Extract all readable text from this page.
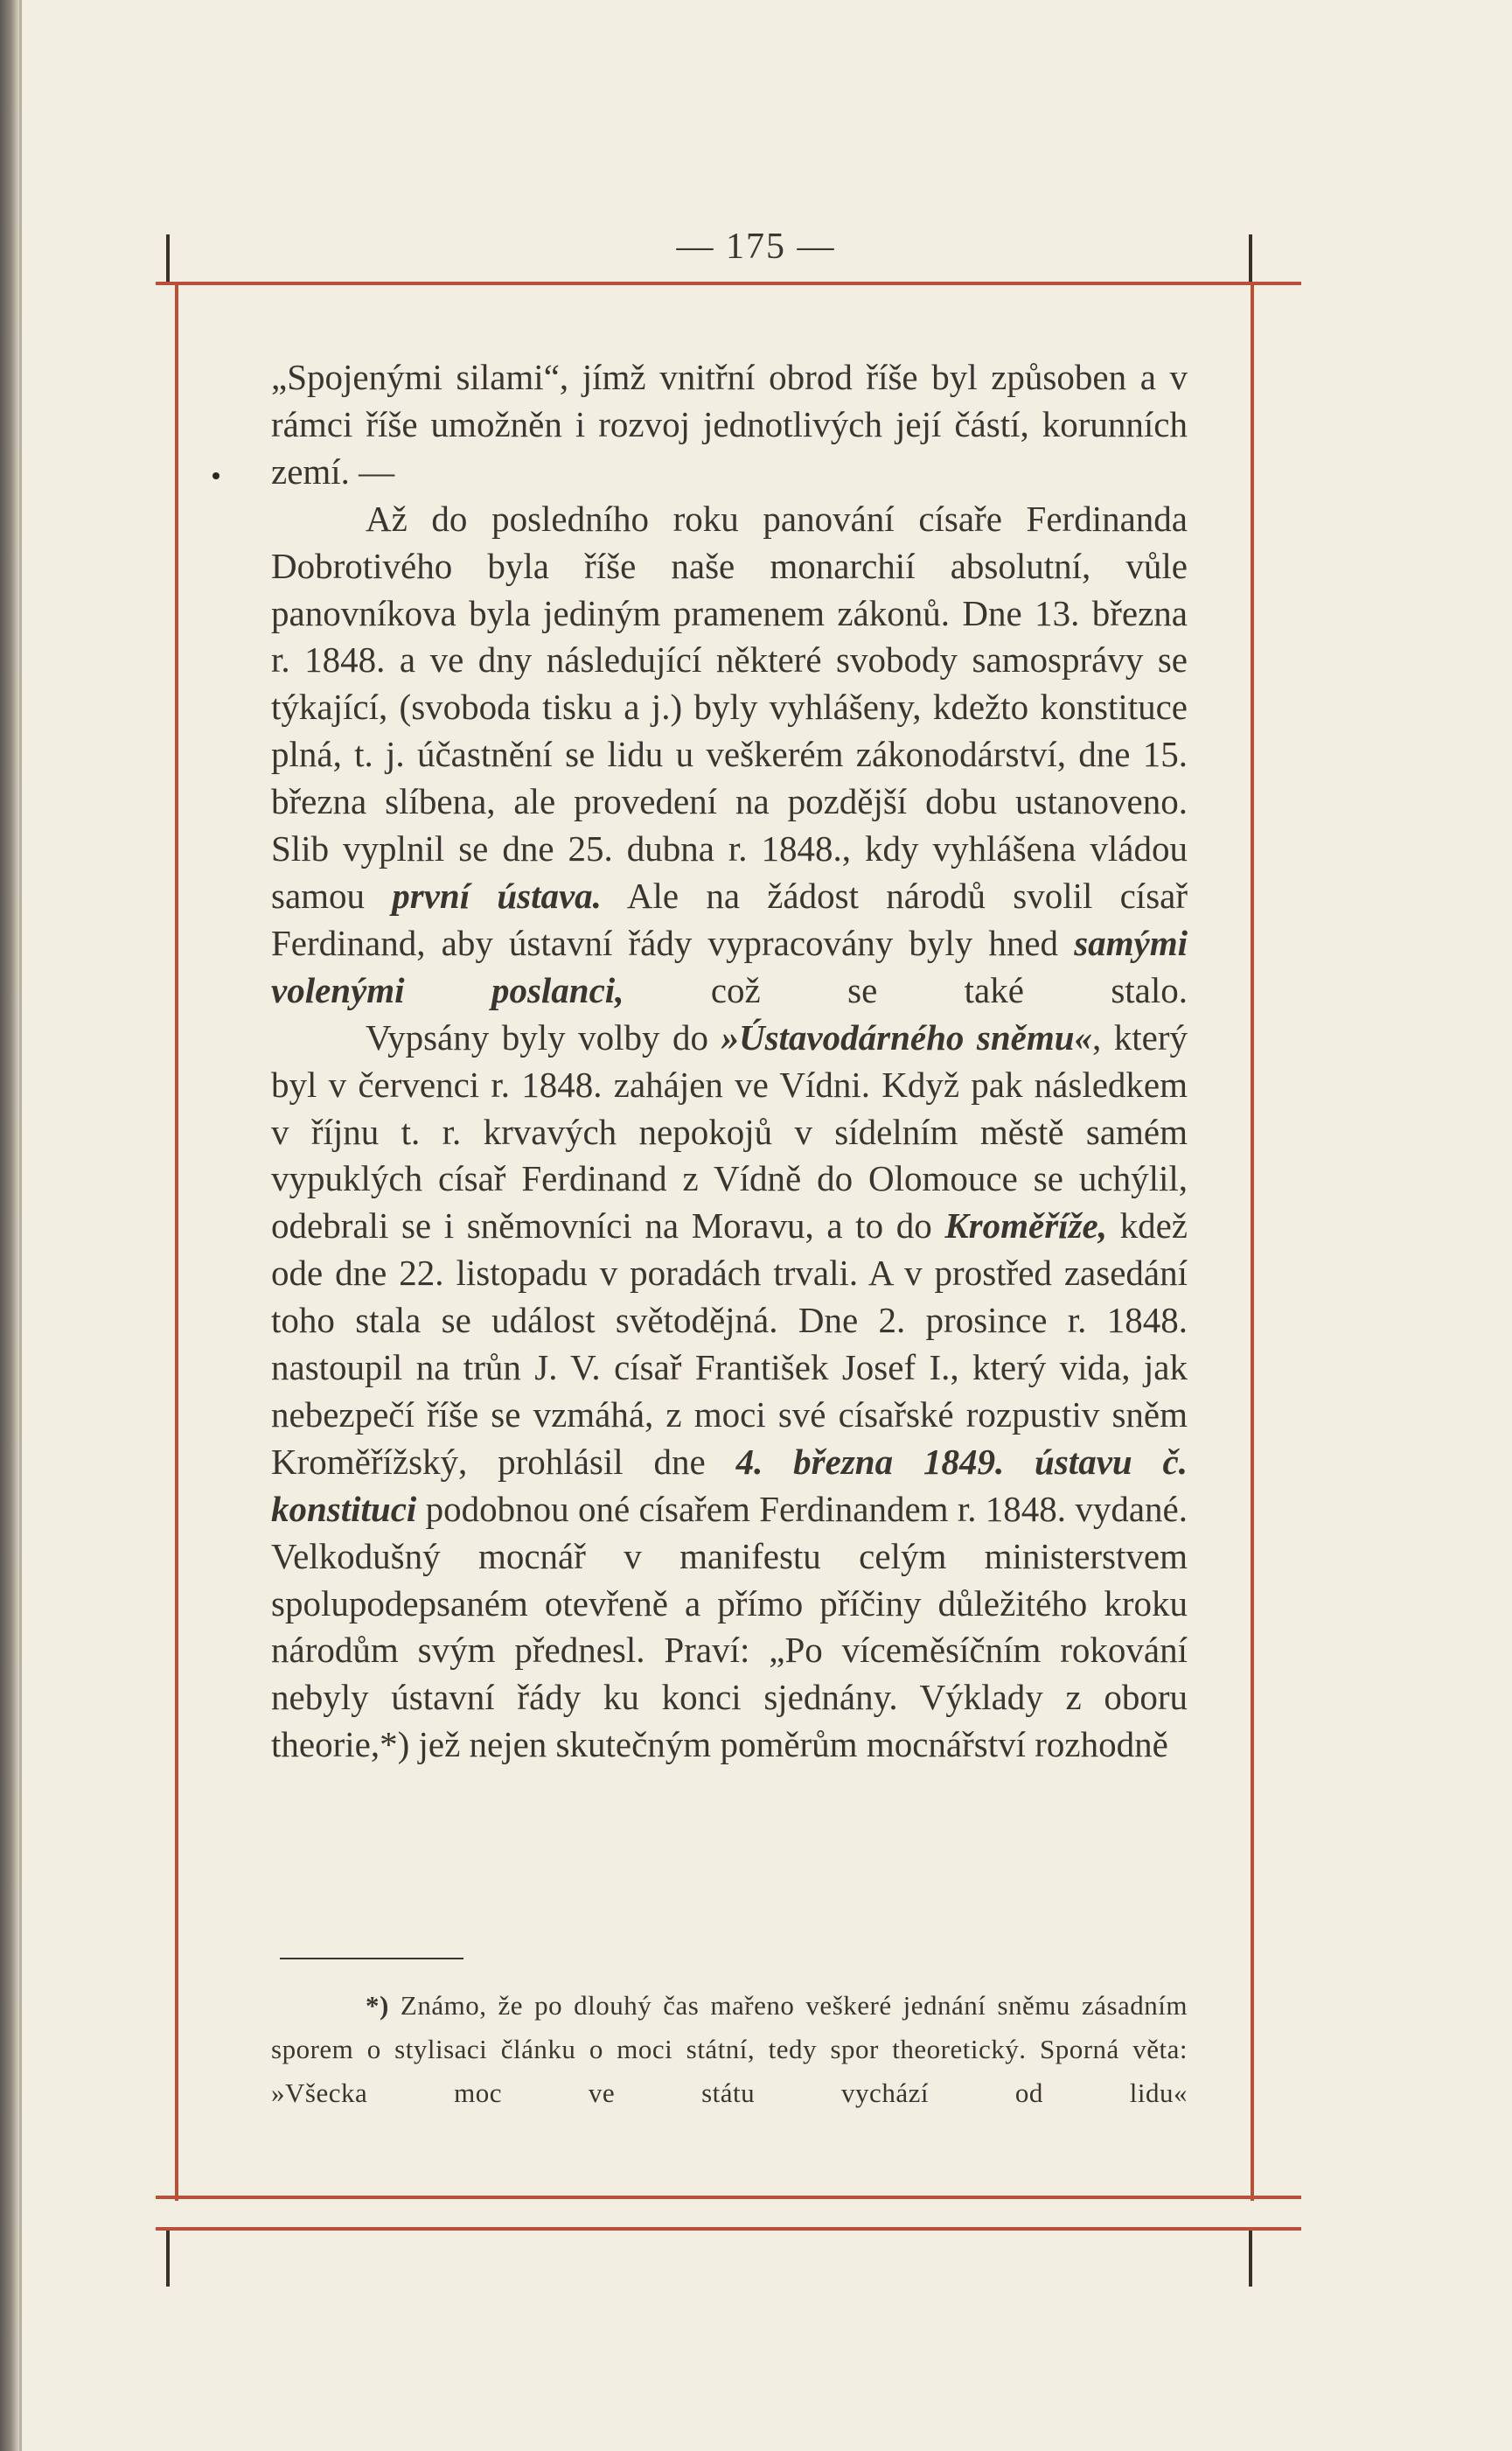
— 175 —

„Spojenými silami“, jímž vnitřní obrod říše byl způsoben a v rámci říše umožněn i rozvoj jednotlivých její částí, korunních zemí. —

Až do posledního roku panování císaře Ferdinanda Dobrotivého byla říše naše monarchií absolutní, vůle panovníkova byla jediným pramenem zákonů. Dne 13. března r. 1848. a ve dny následující některé svobody samosprávy se týkající, (svoboda tisku a j.) byly vyhlášeny, kdežto konstituce plná, t. j. účastnění se lidu u veškerém zákonodárství, dne 15. března slíbena, ale provedení na pozdější dobu ustanoveno. Slib vyplnil se dne 25. dubna r. 1848., kdy vyhlášena vládou samou první ústava. Ale na žádost národů svolil císař Ferdinand, aby ústavní řády vypracovány byly hned samými volenými poslanci, což se také stalo.

Vypsány byly volby do »Ústavodárného sněmu«, který byl v červenci r. 1848. zahájen ve Vídni. Když pak následkem v říjnu t. r. krvavých nepokojů v sídelním městě samém vypuklých císař Ferdinand z Vídně do Olomouce se uchýlil, odebrali se i sněmovníci na Moravu, a to do Kroměříže, kdež ode dne 22. listopadu v poradách trvali. A v prostřed zasedání toho stala se událost světodějná. Dne 2. prosince r. 1848. nastoupil na trůn J. V. císař František Josef I., který vida, jak nebezpečí říše se vzmáhá, z moci své císařské rozpustiv sněm Kroměřížský, prohlásil dne 4. března 1849. ústavu č. konstituci podobnou oné císařem Ferdinandem r. 1848. vydané. Velkodušný mocnář v manifestu celým ministerstvem spolupodepsaném otevřeně a přímo příčiny důležitého kroku národům svým přednesl. Praví: „Po víceměsíčním rokování nebyly ústavní řády ku konci sjednány. Výklady z oboru theorie,*) jež nejen skutečným poměrům mocnářství rozhodně

*) Známo, že po dlouhý čas mařeno veškeré jednání sněmu zásadním sporem o stylisaci článku o moci státní, tedy spor theoretický. Sporná věta: »Všecka moc ve státu vychází od lidu«
